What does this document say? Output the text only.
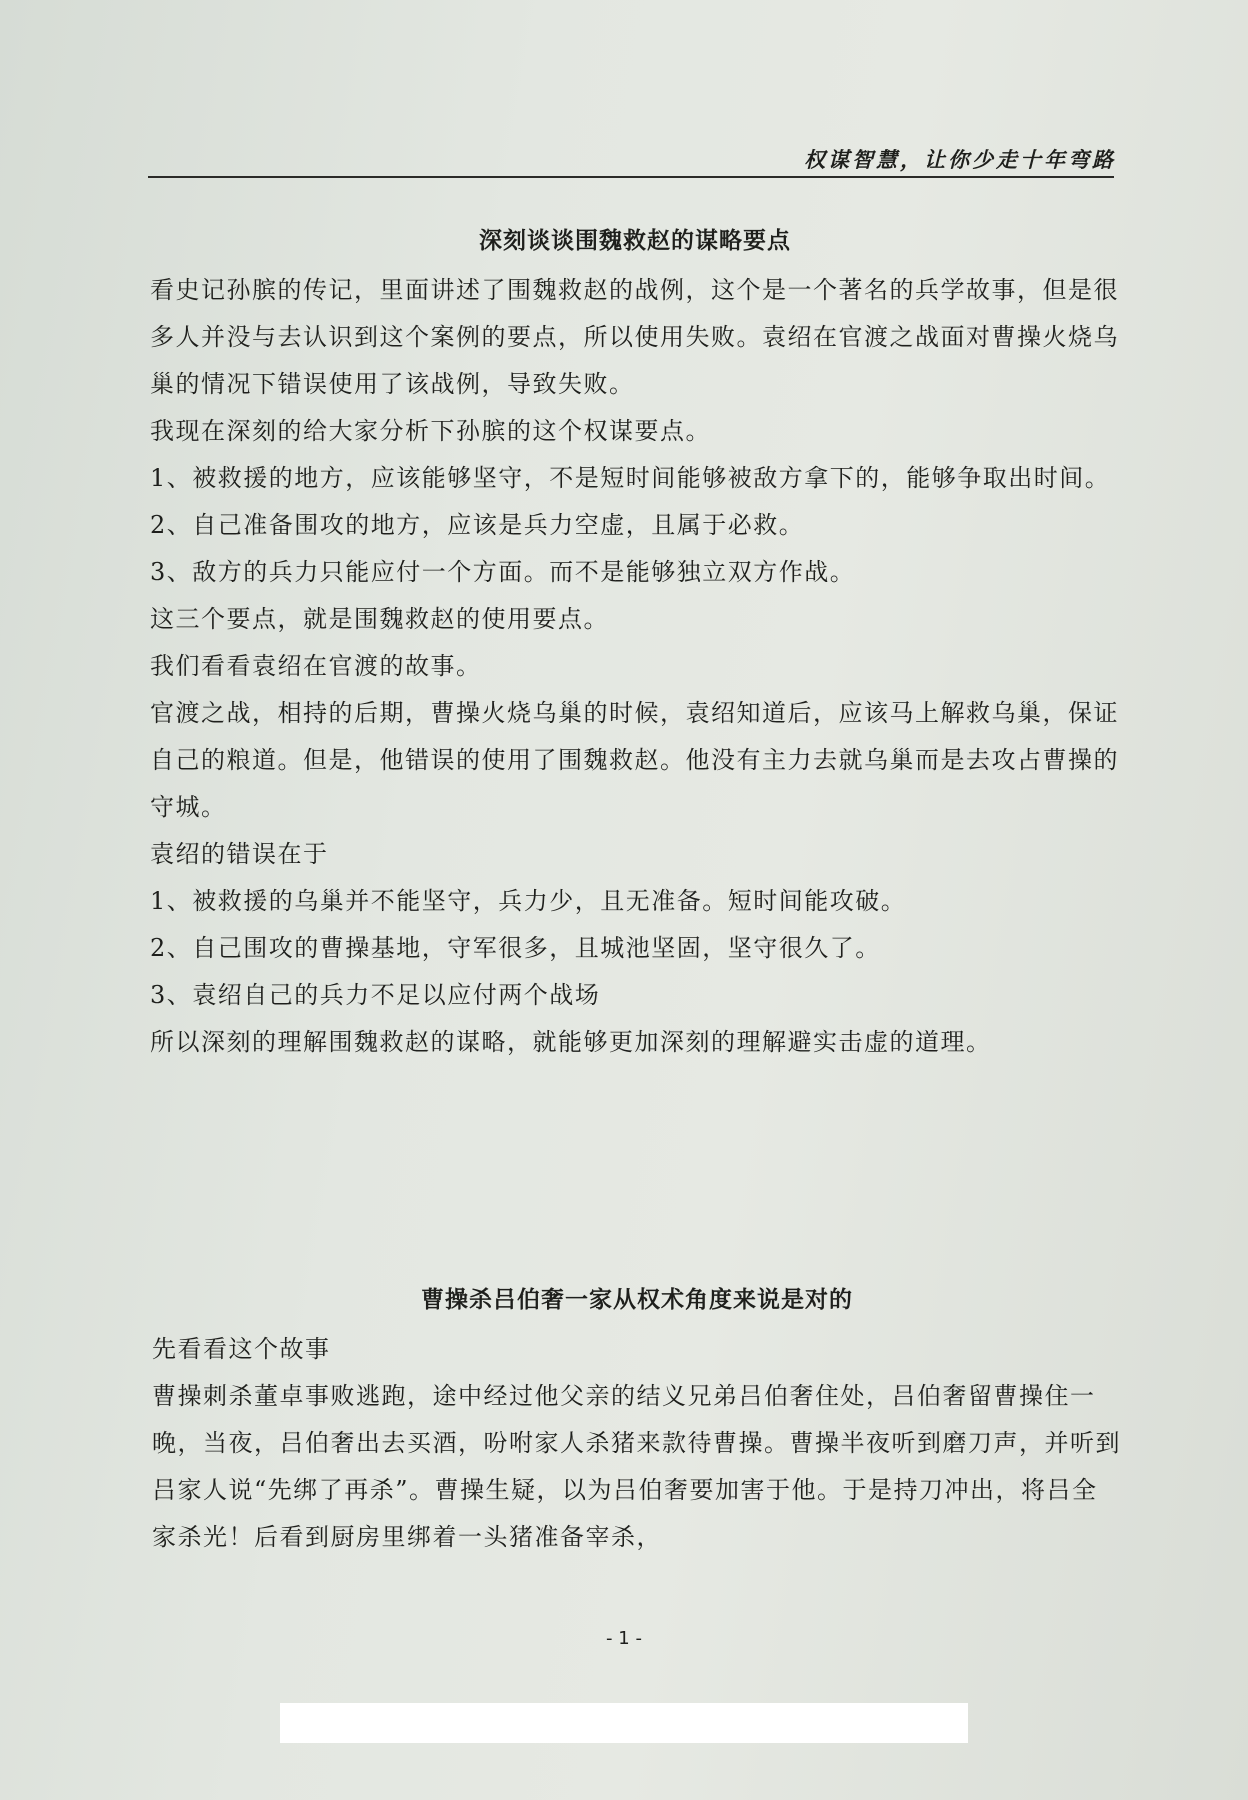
权谋智慧，让你少走十年弯路
深刻谈谈围魏救赵的谋略要点

看史记孙膑的传记，里面讲述了围魏救赵的战例，这个是一个著名的兵学故事，但是很多人并没与去认识到这个案例的要点，所以使用失败。袁绍在官渡之战面对曹操火烧乌巢的情况下错误使用了该战例，导致失败。

我现在深刻的给大家分析下孙膑的这个权谋要点。

1、被救援的地方，应该能够坚守，不是短时间能够被敌方拿下的，能够争取出时间。

2、自己准备围攻的地方，应该是兵力空虚，且属于必救。

3、敌方的兵力只能应付一个方面。而不是能够独立双方作战。

这三个要点，就是围魏救赵的使用要点。

我们看看袁绍在官渡的故事。

官渡之战，相持的后期，曹操火烧乌巢的时候，袁绍知道后，应该马上解救乌巢，保证自己的粮道。但是，他错误的使用了围魏救赵。他没有主力去就乌巢而是去攻占曹操的守城。

袁绍的错误在于

1、被救援的乌巢并不能坚守，兵力少，且无准备。短时间能攻破。

2、自己围攻的曹操基地，守军很多，且城池坚固，坚守很久了。

3、袁绍自己的兵力不足以应付两个战场

所以深刻的理解围魏救赵的谋略，就能够更加深刻的理解避实击虚的道理。

曹操杀吕伯奢一家从权术角度来说是对的

先看看这个故事

曹操刺杀董卓事败逃跑，途中经过他父亲的结义兄弟吕伯奢住处，吕伯奢留曹操住一晚，当夜，吕伯奢出去买酒，吩咐家人杀猪来款待曹操。曹操半夜听到磨刀声，并听到吕家人说“先绑了再杀”。曹操生疑，以为吕伯奢要加害于他。于是持刀冲出，将吕全家杀光！后看到厨房里绑着一头猪准备宰杀，

- 1 -
